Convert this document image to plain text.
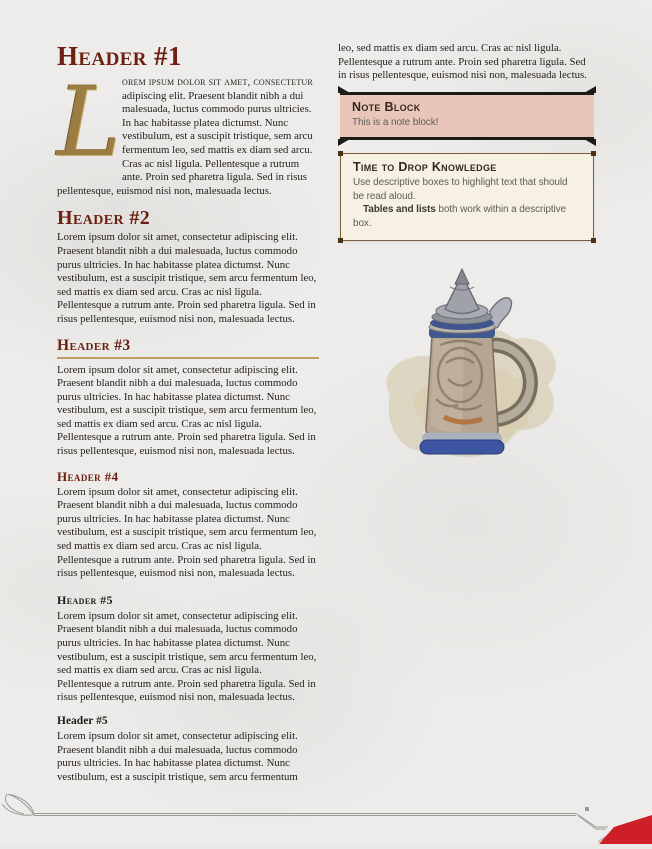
Header #1

Lorem ipsum dolor sit amet, consectetur adipiscing elit. Praesent blandit nibh a dui malesuada, luctus commodo purus ultricies. In hac habitasse platea dictumst. Nunc vestibulum, est a suscipit tristique, sem arcu fermentum leo, sed mattis ex diam sed arcu. Cras ac nisl ligula. Pellentesque a rutrum ante. Proin sed pharetra ligula. Sed in risus pellentesque, euismod nisi non, malesuada lectus.

Header #2

Lorem ipsum dolor sit amet, consectetur adipiscing elit. Praesent blandit nibh a dui malesuada, luctus commodo purus ultricies. In hac habitasse platea dictumst. Nunc vestibulum, est a suscipit tristique, sem arcu fermentum leo, sed mattis ex diam sed arcu. Cras ac nisl ligula. Pellentesque a rutrum ante. Proin sed pharetra ligula. Sed in risus pellentesque, euismod nisi non, malesuada lectus.

Header #3

Lorem ipsum dolor sit amet, consectetur adipiscing elit. Praesent blandit nibh a dui malesuada, luctus commodo purus ultricies. In hac habitasse platea dictumst. Nunc vestibulum, est a suscipit tristique, sem arcu fermentum leo, sed mattis ex diam sed arcu. Cras ac nisl ligula. Pellentesque a rutrum ante. Proin sed pharetra ligula. Sed in risus pellentesque, euismod nisi non, malesuada lectus.

Header #4

Lorem ipsum dolor sit amet, consectetur adipiscing elit. Praesent blandit nibh a dui malesuada, luctus commodo purus ultricies. In hac habitasse platea dictumst. Nunc vestibulum, est a suscipit tristique, sem arcu fermentum leo, sed mattis ex diam sed arcu. Cras ac nisl ligula. Pellentesque a rutrum ante. Proin sed pharetra ligula. Sed in risus pellentesque, euismod nisi non, malesuada lectus.

Header #5

Lorem ipsum dolor sit amet, consectetur adipiscing elit. Praesent blandit nibh a dui malesuada, luctus commodo purus ultricies. In hac habitasse platea dictumst. Nunc vestibulum, est a suscipit tristique, sem arcu fermentum leo, sed mattis ex diam sed arcu. Cras ac nisl ligula. Pellentesque a rutrum ante. Proin sed pharetra ligula. Sed in risus pellentesque, euismod nisi non, malesuada lectus.

Header #5

Lorem ipsum dolor sit amet, consectetur adipiscing elit. Praesent blandit nibh a dui malesuada, luctus commodo purus ultricies. In hac habitasse platea dictumst. Nunc vestibulum, est a suscipit tristique, sem arcu fermentum

leo, sed mattis ex diam sed arcu. Cras ac nisl ligula. Pellentesque a rutrum ante. Proin sed pharetra ligula. Sed in risus pellentesque, euismod nisi non, malesuada lectus.

Note Block

This is a note block!

Time to Drop Knowledge

Use descriptive boxes to highlight text that should be read aloud.

Tables and lists both work within a descriptive box.
